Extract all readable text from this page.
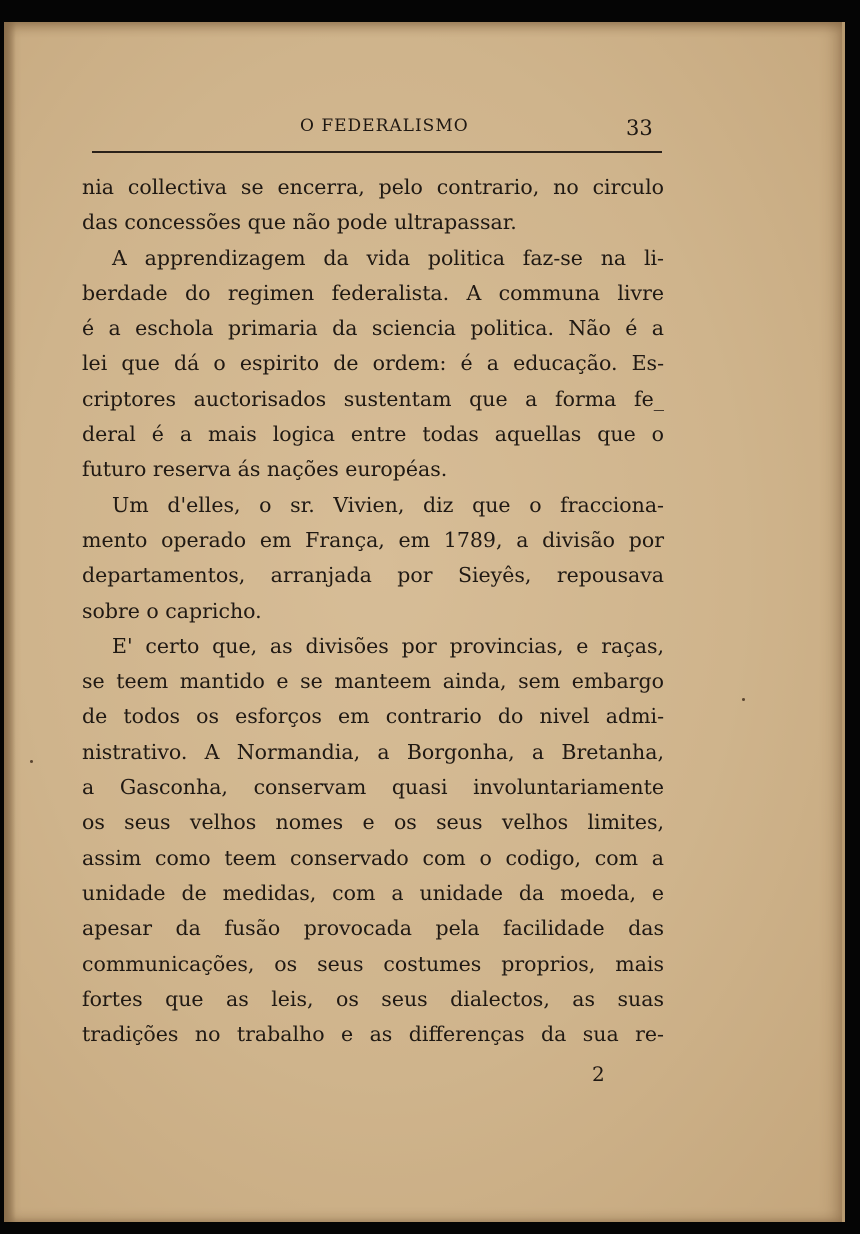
O FEDERALISMO	33
nia collectiva se encerra, pelo contrario, no circulo
das concessões que não pode ultrapassar.
A apprendizagem da vida politica faz-se na li-
berdade do regimen federalista. A communa livre
é a eschola primaria da sciencia politica. Não é a
lei que dá o espirito de ordem: é a educação. Es-
criptores auctorisados sustentam que a forma fe_
deral é a mais logica entre todas aquellas que o
futuro reserva ás nações européas.
Um d'elles, o sr. Vivien, diz que o fracciona-
mento operado em França, em 1789, a divisão por
departamentos, arranjada por Sieyês, repousava
sobre o capricho.
E' certo que, as divisões por provincias, e raças,
se teem mantido e se manteem ainda, sem embargo
de todos os esforços em contrario do nivel admi-
nistrativo. A Normandia, a Borgonha, a Bretanha,
a Gasconha, conservam quasi involuntariamente
os seus velhos nomes e os seus velhos limites,
assim como teem conservado com o codigo, com a
unidade de medidas, com a unidade da moeda, e
apesar da fusão provocada pela facilidade das
communicações, os seus costumes proprios, mais
fortes que as leis, os seus dialectos, as suas
tradições no trabalho e as differenças da sua re-
2
